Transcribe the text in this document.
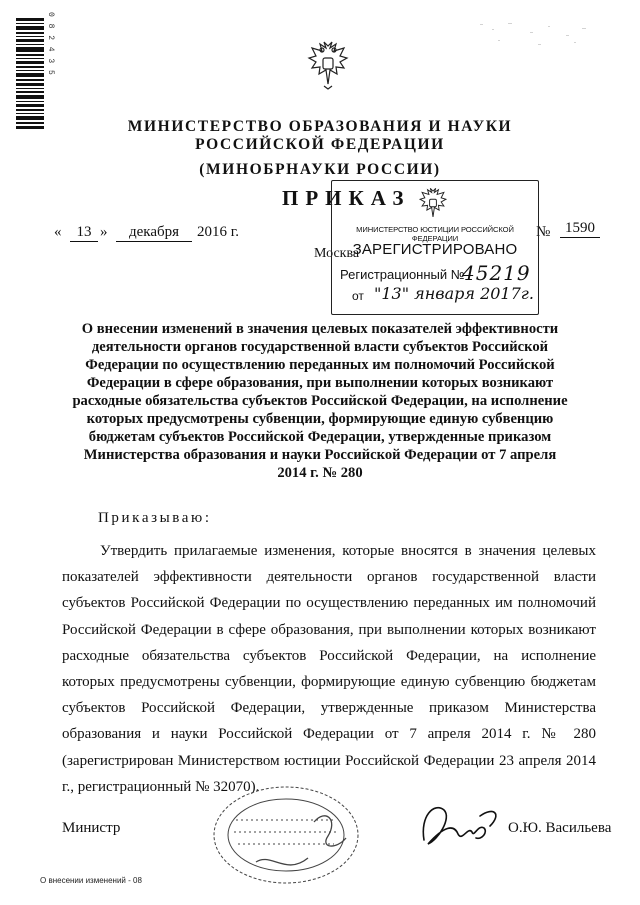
0 8 2 4 3 5
МИНИСТЕРСТВО ОБРАЗОВАНИЯ И НАУКИ
РОССИЙСКОЙ ФЕДЕРАЦИИ
(МИНОБРНАУКИ РОССИИ)
ПРИКАЗ
«	13 »	декабря	2016 г.	№ 1590
Москва
МИНИСТЕРСТВО ЮСТИЦИИ РОССИЙСКОЙ ФЕДЕРАЦИИ
ЗАРЕГИСТРИРОВАНО
Регистрационный №
45219
от "13" января 2017г.
О внесении изменений в значения целевых показателей эффективности деятельности органов государственной власти субъектов Российской Федерации по осуществлению переданных им полномочий Российской Федерации в сфере образования, при выполнении которых возникают расходные обязательства субъектов Российской Федерации, на исполнение которых предусмотрены субвенции, формирующие единую субвенцию бюджетам субъектов Российской Федерации, утвержденные приказом Министерства образования и науки Российской Федерации от 7 апреля 2014 г. № 280
Приказываю:
Утвердить прилагаемые изменения, которые вносятся в значения целевых показателей эффективности деятельности органов государственной власти субъектов Российской Федерации по осуществлению переданных им полномочий Российской Федерации в сфере образования, при выполнении которых возникают расходные обязательства субъектов Российской Федерации, на исполнение которых предусмотрены субвенции, формирующие единую субвенцию бюджетам субъектов Российской Федерации, утвержденные приказом Министерства образования и науки Российской Федерации от 7 апреля 2014 г. № 280 (зарегистрирован Министерством юстиции Российской Федерации 23 апреля 2014 г., регистрационный № 32070).
Министр	О.Ю. Васильева
О внесении изменений - 08
